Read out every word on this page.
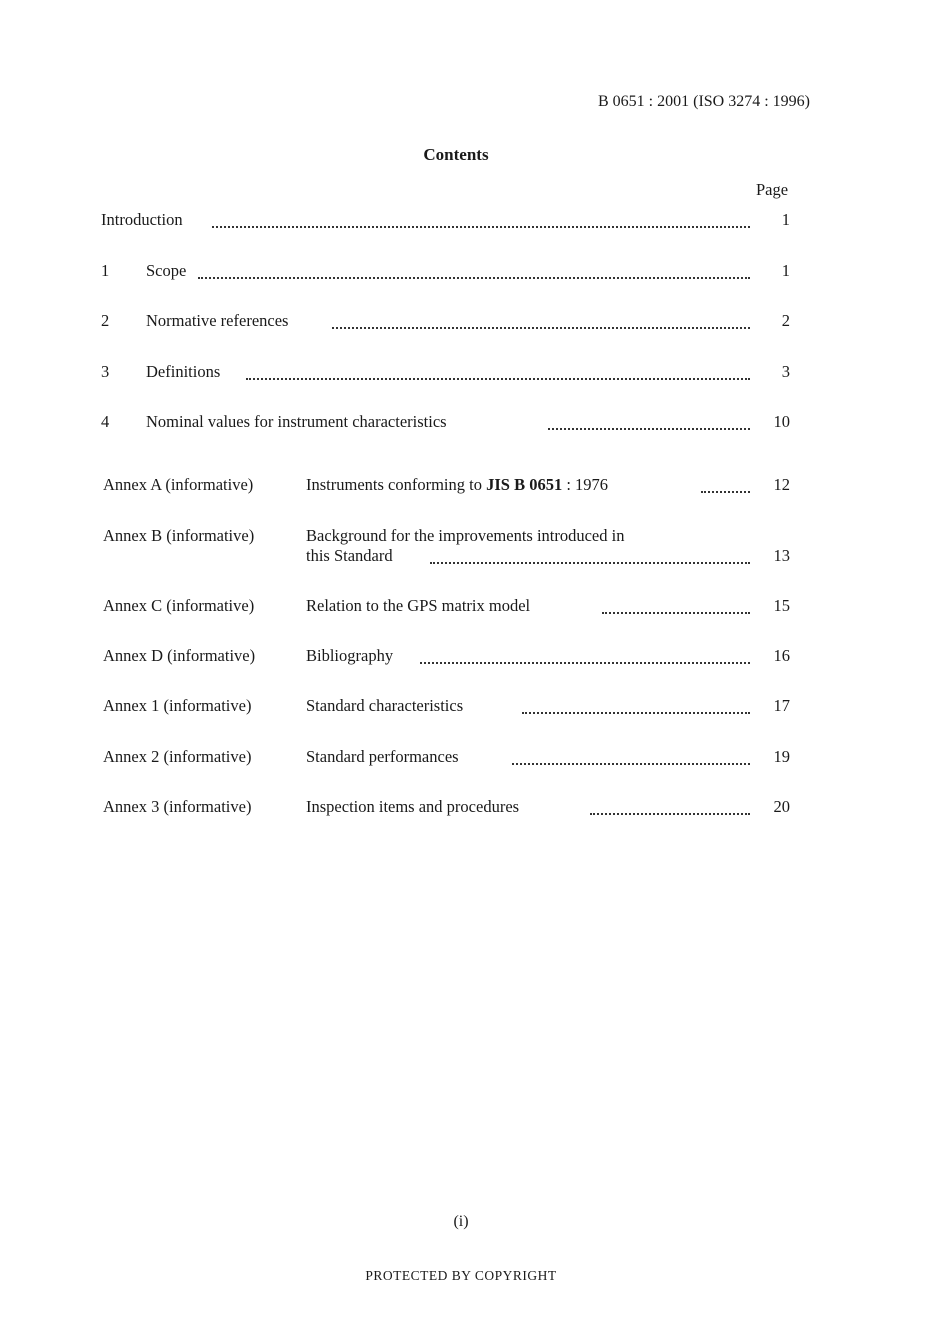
B 0651 : 2001 (ISO 3274 : 1996)
Contents
Page
Introduction	1
1 Scope	1
2 Normative references	2
3 Definitions	3
4 Nominal values for instrument characteristics	10
Annex A (informative)	Instruments conforming to JIS B 0651 : 1976	12
Annex B (informative)	Background for the improvements introduced in
this Standard	13
Annex C (informative)	Relation to the GPS matrix model	15
Annex D (informative)	Bibliography	16
Annex 1 (informative)	Standard characteristics	17
Annex 2 (informative)	Standard performances	19
Annex 3 (informative)	Inspection items and procedures	20
(i)
PROTECTED BY COPYRIGHT
